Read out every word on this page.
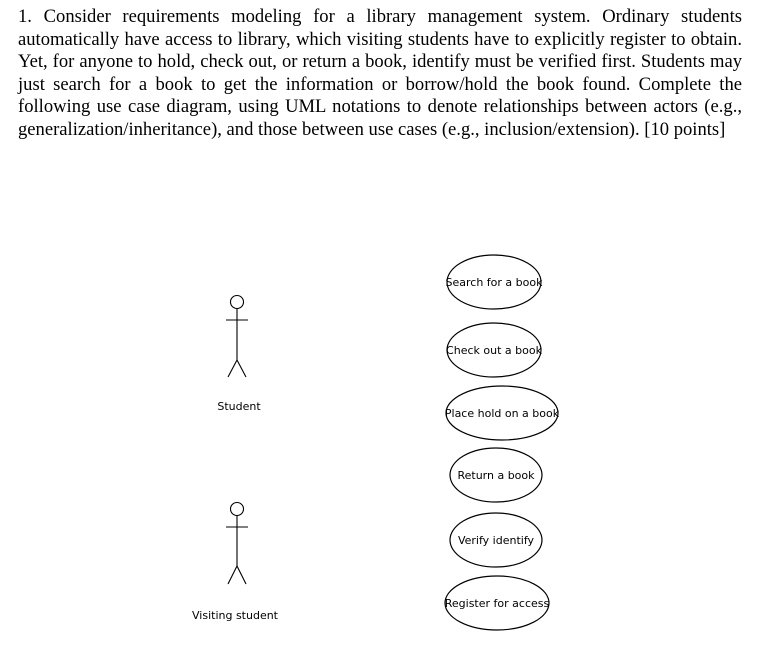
1. Consider requirements modeling for a library management system. Ordinary students automatically have access to library, which visiting students have to explicitly register to obtain. Yet, for anyone to hold, check out, or return a book, identify must be verified first. Students may just search for a book to get the information or borrow/hold the book found. Complete the following use case diagram, using UML notations to denote relationships between actors (e.g., generalization/inheritance), and those between use cases (e.g., inclusion/extension). [10 points]
Student
Visiting student
Search for a book
Check out a book
Place hold on a book
Return a book
Verify identify
Register for access
